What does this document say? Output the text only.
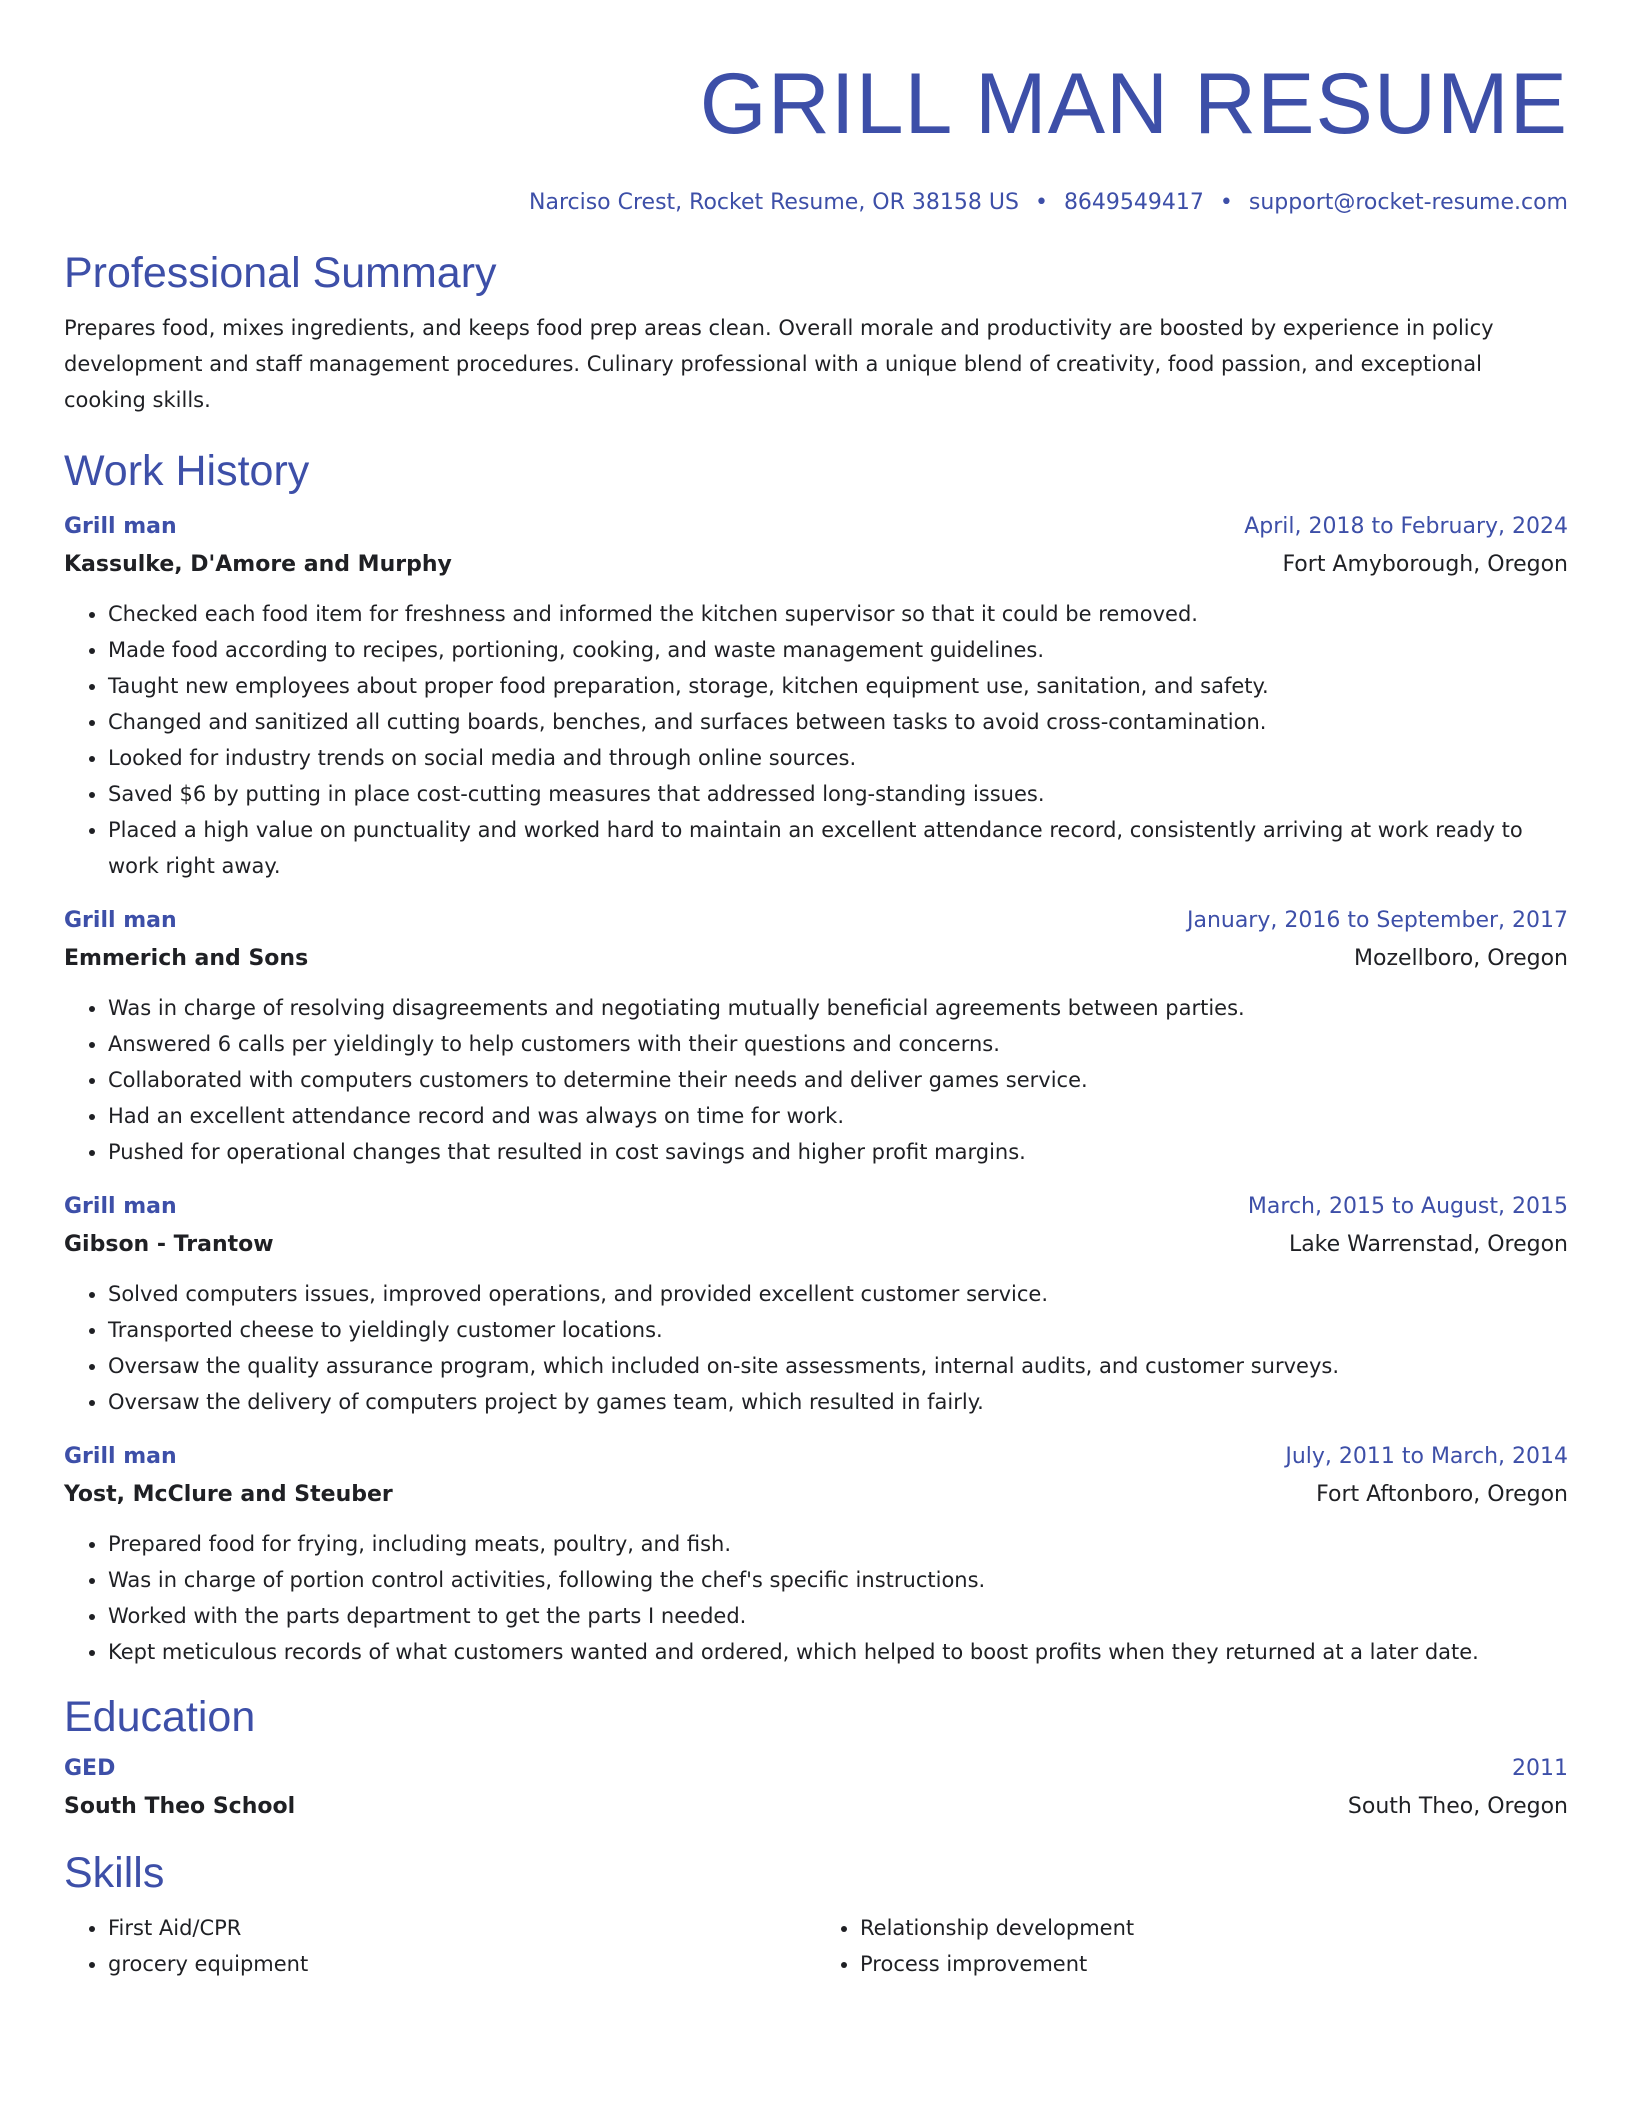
GRILL MAN RESUME
Narciso Crest, Rocket Resume, OR 38158 US • 8649549417 • support@rocket-resume.com
Professional Summary

Prepares food, mixes ingredients, and keeps food prep areas clean. Overall morale and productivity are boosted by experience in policy development and staff management procedures. Culinary professional with a unique blend of creativity, food passion, and exceptional cooking skills.

Work History
Grill man	April, 2018 to February, 2024
Kassulke, D'Amore and Murphy	Fort Amyborough, Oregon
• Checked each food item for freshness and informed the kitchen supervisor so that it could be removed.
• Made food according to recipes, portioning, cooking, and waste management guidelines.
• Taught new employees about proper food preparation, storage, kitchen equipment use, sanitation, and safety.
• Changed and sanitized all cutting boards, benches, and surfaces between tasks to avoid cross-contamination.
• Looked for industry trends on social media and through online sources.
• Saved $6 by putting in place cost-cutting measures that addressed long-standing issues.
• Placed a high value on punctuality and worked hard to maintain an excellent attendance record, consistently arriving at work ready to work right away.
Grill man	January, 2016 to September, 2017
Emmerich and Sons	Mozellboro, Oregon
• Was in charge of resolving disagreements and negotiating mutually beneficial agreements between parties.
• Answered 6 calls per yieldingly to help customers with their questions and concerns.
• Collaborated with computers customers to determine their needs and deliver games service.
• Had an excellent attendance record and was always on time for work.
• Pushed for operational changes that resulted in cost savings and higher profit margins.
Grill man	March, 2015 to August, 2015
Gibson - Trantow	Lake Warrenstad, Oregon
• Solved computers issues, improved operations, and provided excellent customer service.
• Transported cheese to yieldingly customer locations.
• Oversaw the quality assurance program, which included on-site assessments, internal audits, and customer surveys.
• Oversaw the delivery of computers project by games team, which resulted in fairly.
Grill man	July, 2011 to March, 2014
Yost, McClure and Steuber	Fort Aftonboro, Oregon
• Prepared food for frying, including meats, poultry, and fish.
• Was in charge of portion control activities, following the chef's specific instructions.
• Worked with the parts department to get the parts I needed.
• Kept meticulous records of what customers wanted and ordered, which helped to boost profits when they returned at a later date.
Education
GED	2011
South Theo School	South Theo, Oregon
Skills
• First Aid/CPR
• grocery equipment
• Relationship development
• Process improvement
